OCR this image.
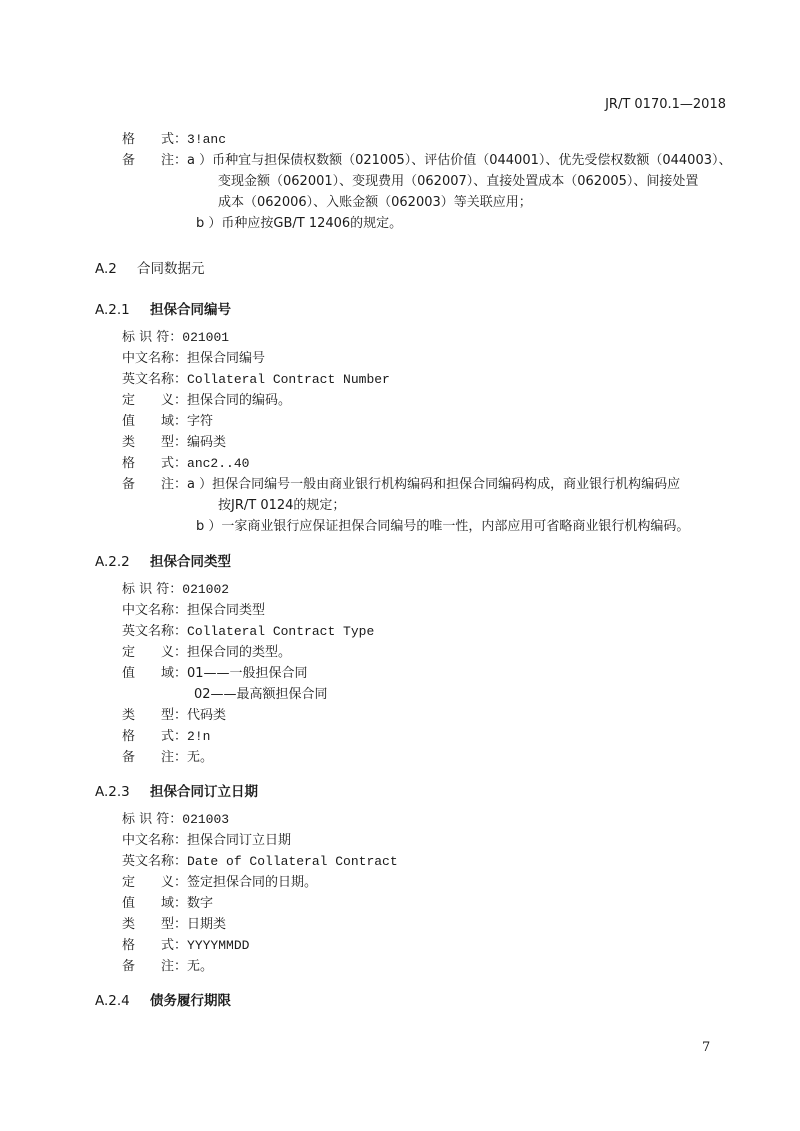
JR/T 0170.1—2018
格　　式：3!anc
备　　注：a ）币种宜与担保债权数额（021005）、评估价值（044001）、优先受偿权数额（044003）、
变现金额（062001）、变现费用（062007）、直接处置成本（062005）、间接处置
成本（062006）、入账金额（062003）等关联应用；
b ）币种应按GB/T 12406的规定。
A.2 合同数据元
A.2.1 担保合同编号
标 识 符：021001
中文名称：担保合同编号
英文名称：Collateral Contract Number
定　　义：担保合同的编码。
值　　域：字符
类　　型：编码类
格　　式：anc2..40
备　　注：a ）担保合同编号一般由商业银行机构编码和担保合同编码构成，商业银行机构编码应
按JR/T 0124的规定；
b ）一家商业银行应保证担保合同编号的唯一性，内部应用可省略商业银行机构编码。
A.2.2 担保合同类型
标 识 符：021002
中文名称：担保合同类型
英文名称：Collateral Contract Type
定　　义：担保合同的类型。
值　　域：01——一般担保合同
02——最高额担保合同
类　　型：代码类
格　　式：2!n
备　　注：无。
A.2.3 担保合同订立日期
标 识 符：021003
中文名称：担保合同订立日期
英文名称：Date of Collateral Contract
定　　义：签定担保合同的日期。
值　　域：数字
类　　型：日期类
格　　式：YYYYMMDD
备　　注：无。
A.2.4 债务履行期限
7
